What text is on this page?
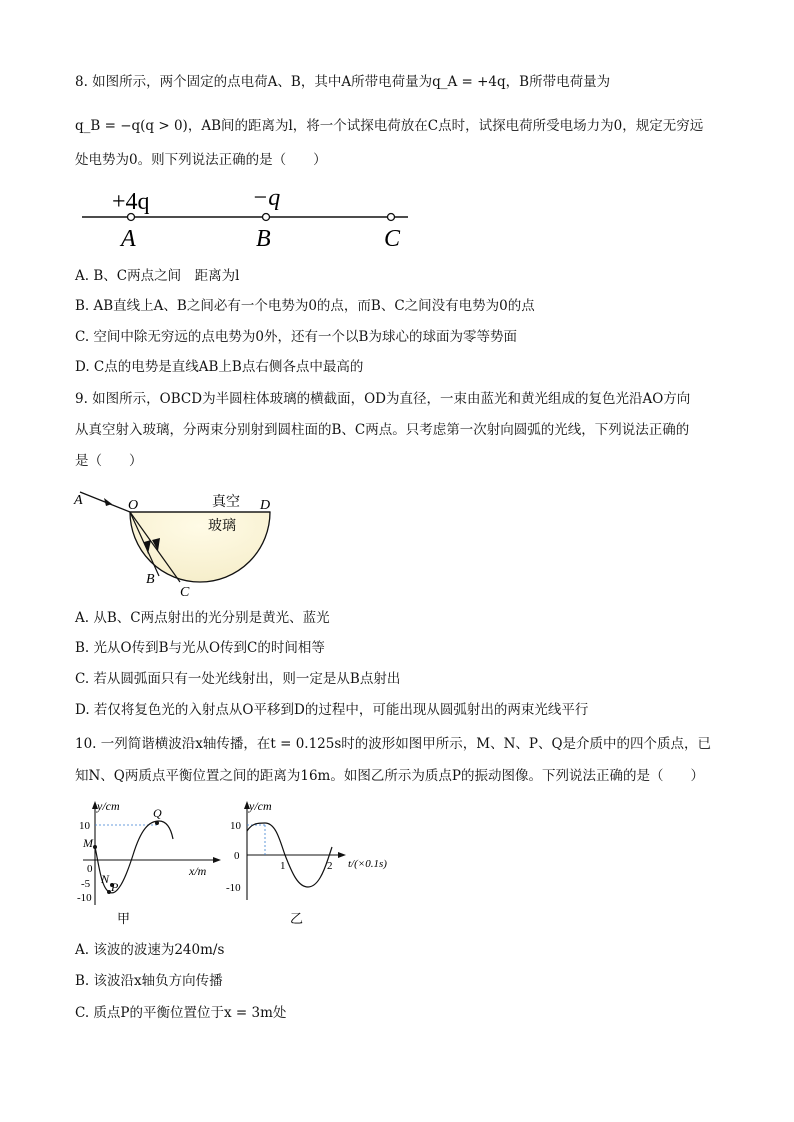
8. 如图所示，两个固定的点电荷A、B，其中A所带电荷量为q_A = +4q，B所带电荷量为
q_B = −q(q > 0)，AB间的距离为l，将一个试探电荷放在C点时，试探电荷所受电场力为0，规定无穷远
处电势为0。则下列说法正确的是（　　）
+4q	−q
A	B	C
A. B、C两点之间　距离为l
B. AB直线上A、B之间必有一个电势为0的点，而B、C之间没有电势为0的点
C. 空间中除无穷远的点电势为0外，还有一个以B为球心的球面为零等势面
D. C点的电势是直线AB上B点右侧各点中最高的
9. 如图所示，OBCD为半圆柱体玻璃的横截面，OD为直径，一束由蓝光和黄光组成的复色光沿AO方向
从真空射入玻璃，分两束分别射到圆柱面的B、C两点。只考虑第一次射向圆弧的光线，下列说法正确的
是（　　）
A	O	D
B
C
真空
玻璃
A. 从B、C两点射出的光分别是黄光、蓝光
B. 光从O传到B与光从O传到C的时间相等
C. 若从圆弧面只有一处光线射出，则一定是从B点射出
D. 若仅将复色光的入射点从O平移到D的过程中，可能出现从圆弧射出的两束光线平行
10. 一列简谐横波沿x轴传播，在t = 0.125s时的波形如图甲所示，M、N、P、Q是介质中的四个质点，已
知N、Q两质点平衡位置之间的距离为16m。如图乙所示为质点P的振动图像。下列说法正确的是（　　）
y/cm
x/m
10
0
-5
-10
M
Q
N
P
甲
y/cm
10
0
-10
1	2 t/(×0.1s)
乙
A. 该波的波速为240m/s
B. 该波沿x轴负方向传播
C. 质点P的平衡位置位于x = 3m处
